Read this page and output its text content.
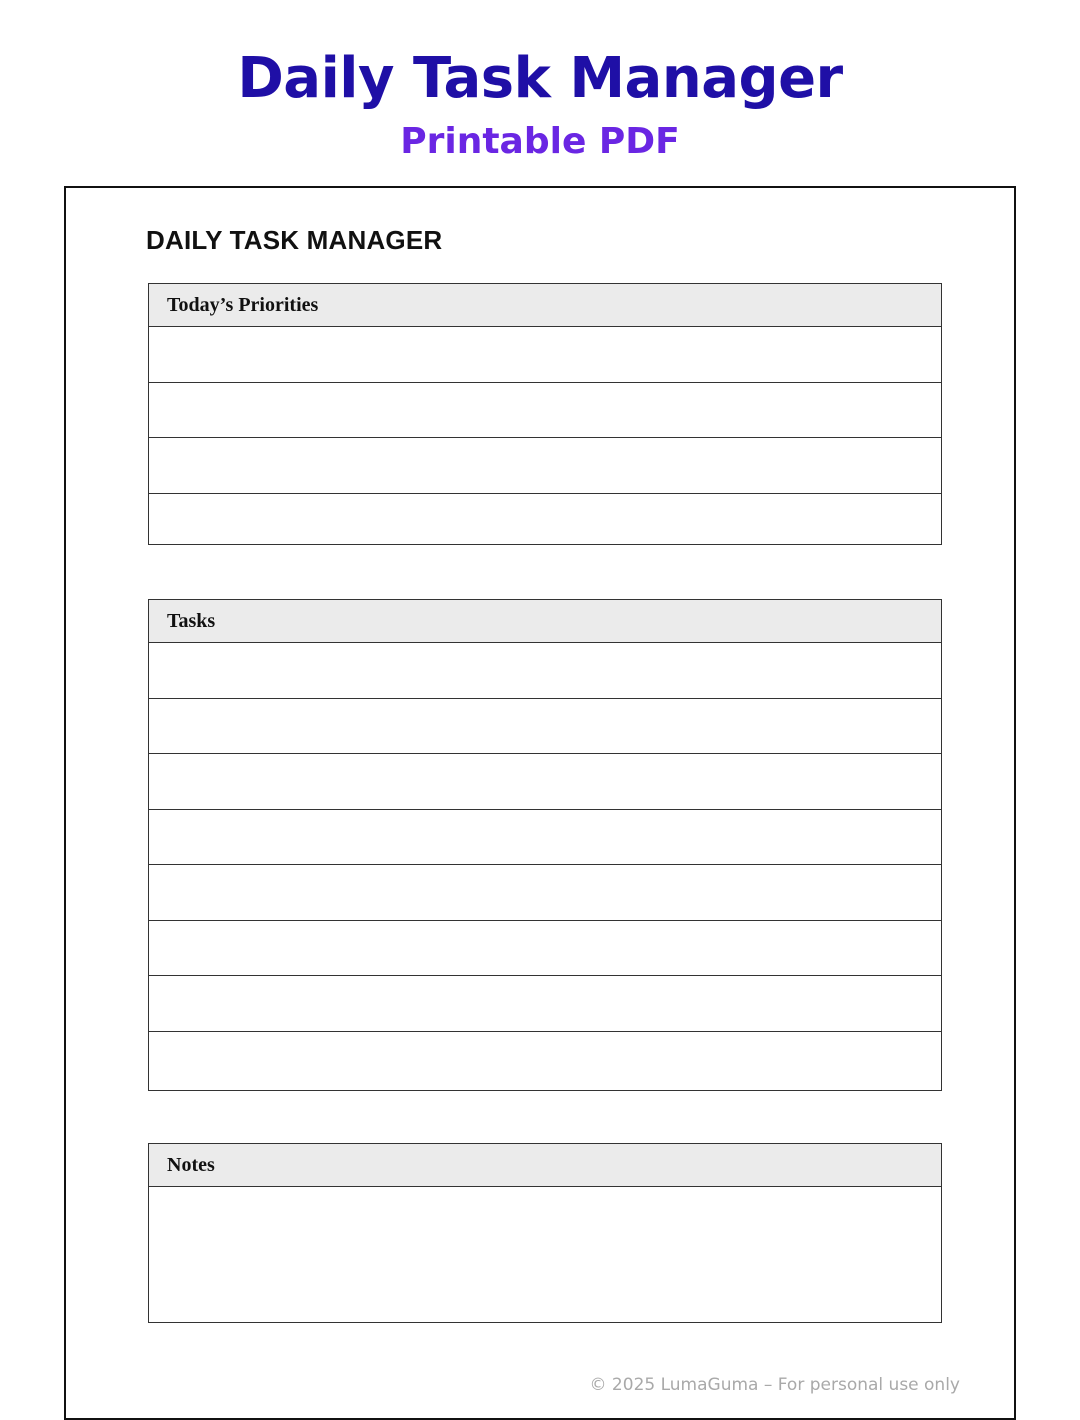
Daily Task Manager
Printable PDF
DAILY TASK MANAGER
Today’s Priorities
Tasks
Notes
© 2025 LumaGuma – For personal use only
